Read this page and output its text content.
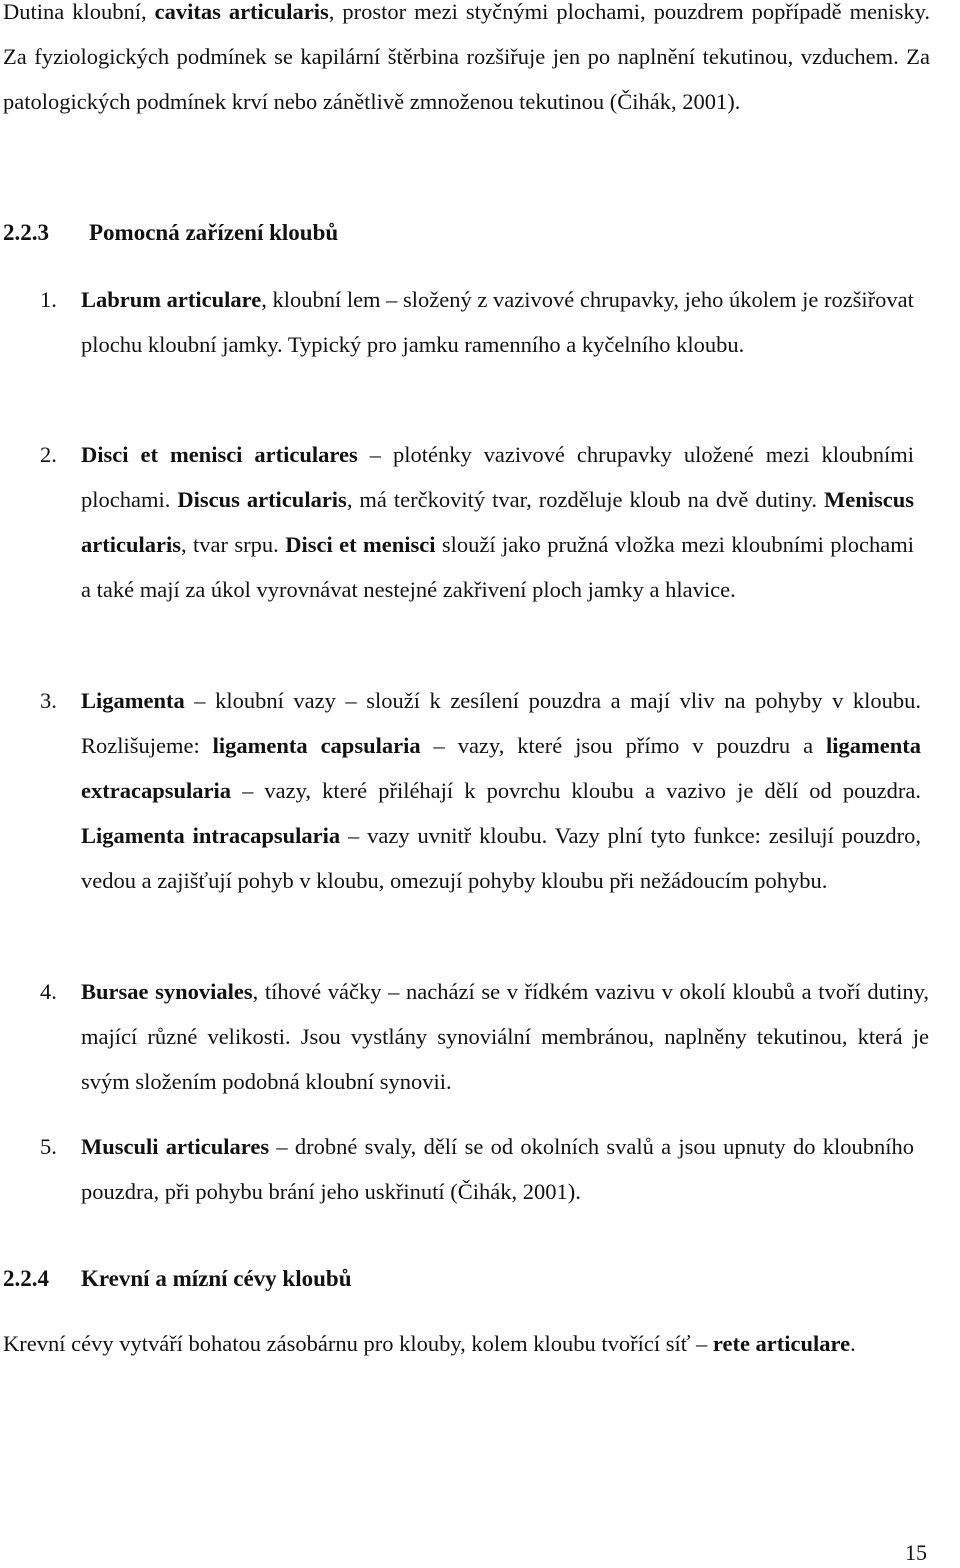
Dutina kloubní, cavitas articularis, prostor mezi styčnými plochami, pouzdrem popřípadě menisky. Za fyziologických podmínek se kapilární štěrbina rozšiřuje jen po naplnění tekutinou, vzduchem. Za patologických podmínek krví nebo zánětlivě zmnoženou tekutinou (Čihák, 2001).

2.2.3 Pomocná zařízení kloubů
1. Labrum articulare, kloubní lem – složený z vazivové chrupavky, jeho úkolem je rozšiřovat plochu kloubní jamky. Typický pro jamku ramenního a kyčelního kloubu.

2. Disci et menisci articulares – ploténky vazivové chrupavky uložené mezi kloubními plochami. Discus articularis, má terčkovitý tvar, rozděluje kloub na dvě dutiny. Meniscus articularis, tvar srpu. Disci et menisci slouží jako pružná vložka mezi kloubními plochami a také mají za úkol vyrovnávat nestejné zakřivení ploch jamky a hlavice.

3. Ligamenta – kloubní vazy – slouží k zesílení pouzdra a mají vliv na pohyby v kloubu. Rozlišujeme: ligamenta capsularia – vazy, které jsou přímo v pouzdru a ligamenta extracapsularia – vazy, které přiléhají k povrchu kloubu a vazivo je dělí od pouzdra. Ligamenta intracapsularia – vazy uvnitř kloubu. Vazy plní tyto funkce: zesilují pouzdro, vedou a zajišťují pohyb v kloubu, omezují pohyby kloubu při nežádoucím pohybu.

4. Bursae synoviales, tíhové váčky – nachází se v řídkém vazivu v okolí kloubů a tvoří dutiny, mající různé velikosti. Jsou vystlány synoviální membránou, naplněny tekutinou, která je svým složením podobná kloubní synovii.

5. Musculi articulares – drobné svaly, dělí se od okolních svalů a jsou upnuty do kloubního pouzdra, při pohybu brání jeho uskřinutí (Čihák, 2001).

2.2.4 Krevní a mízní cévy kloubů

Krevní cévy vytváří bohatou zásobárnu pro klouby, kolem kloubu tvořící síť – rete articulare.

15
